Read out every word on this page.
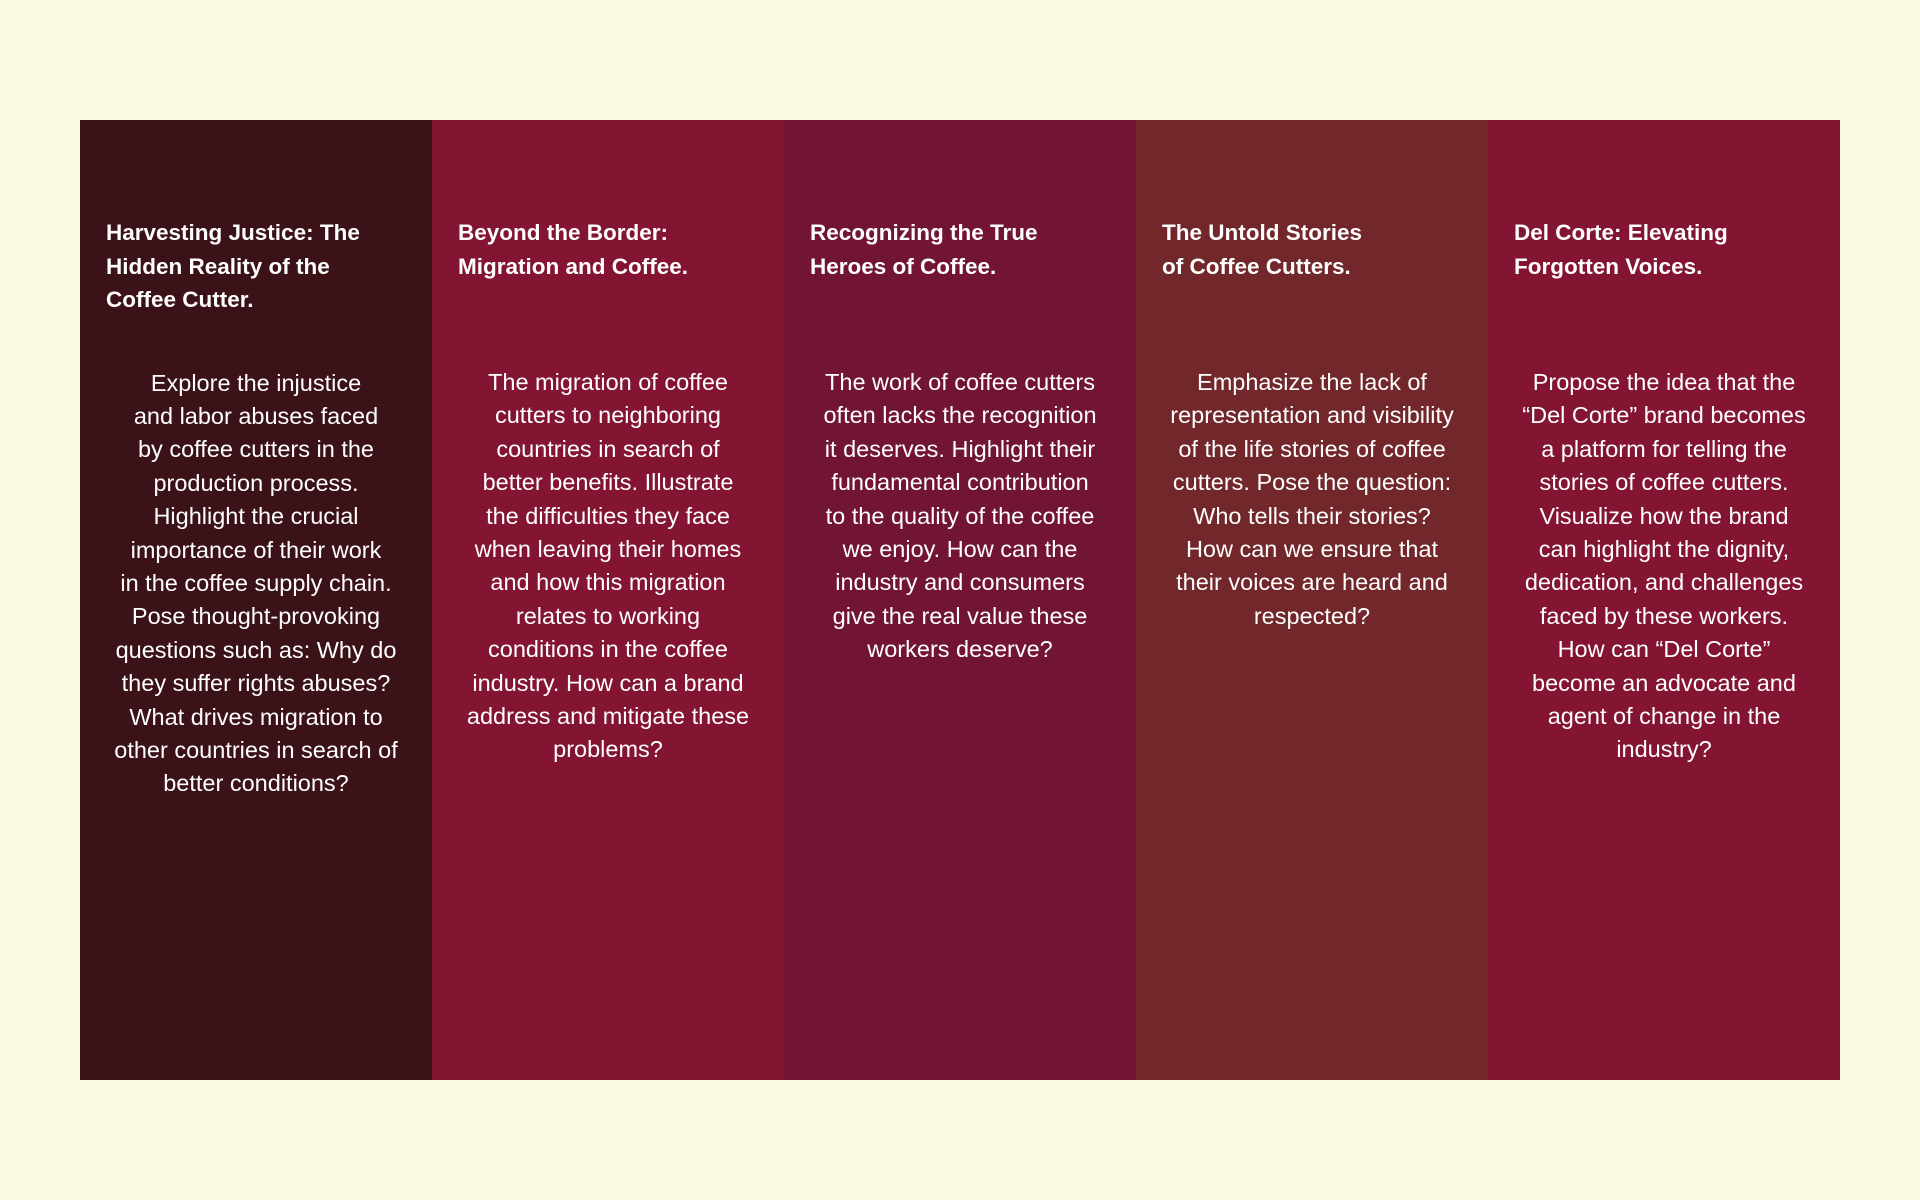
Harvesting Justice: The
Hidden Reality of the
Coffee Cutter.
Explore the injustice
and labor abuses faced
by coffee cutters in the
production process.
Highlight the crucial
importance of their work
in the coffee supply chain.
Pose thought-provoking
questions such as: Why do
they suffer rights abuses?
What drives migration to
other countries in search of
better conditions?
Beyond the Border:
Migration and Coffee.
The migration of coffee
cutters to neighboring
countries in search of
better benefits. Illustrate
the difficulties they face
when leaving their homes
and how this migration
relates to working
conditions in the coffee
industry. How can a brand
address and mitigate these
problems?
Recognizing the True
Heroes of Coffee.
The work of coffee cutters
often lacks the recognition
it deserves. Highlight their
fundamental contribution
to the quality of the coffee
we enjoy. How can the
industry and consumers
give the real value these
workers deserve?
The Untold Stories
of Coffee Cutters.
Emphasize the lack of
representation and visibility
of the life stories of coffee
cutters. Pose the question:
Who tells their stories?
How can we ensure that
their voices are heard and
respected?
Del Corte: Elevating
Forgotten Voices.
Propose the idea that the
“Del Corte” brand becomes
a platform for telling the
stories of coffee cutters.
Visualize how the brand
can highlight the dignity,
dedication, and challenges
faced by these workers.
How can “Del Corte”
become an advocate and
agent of change in the
industry?
